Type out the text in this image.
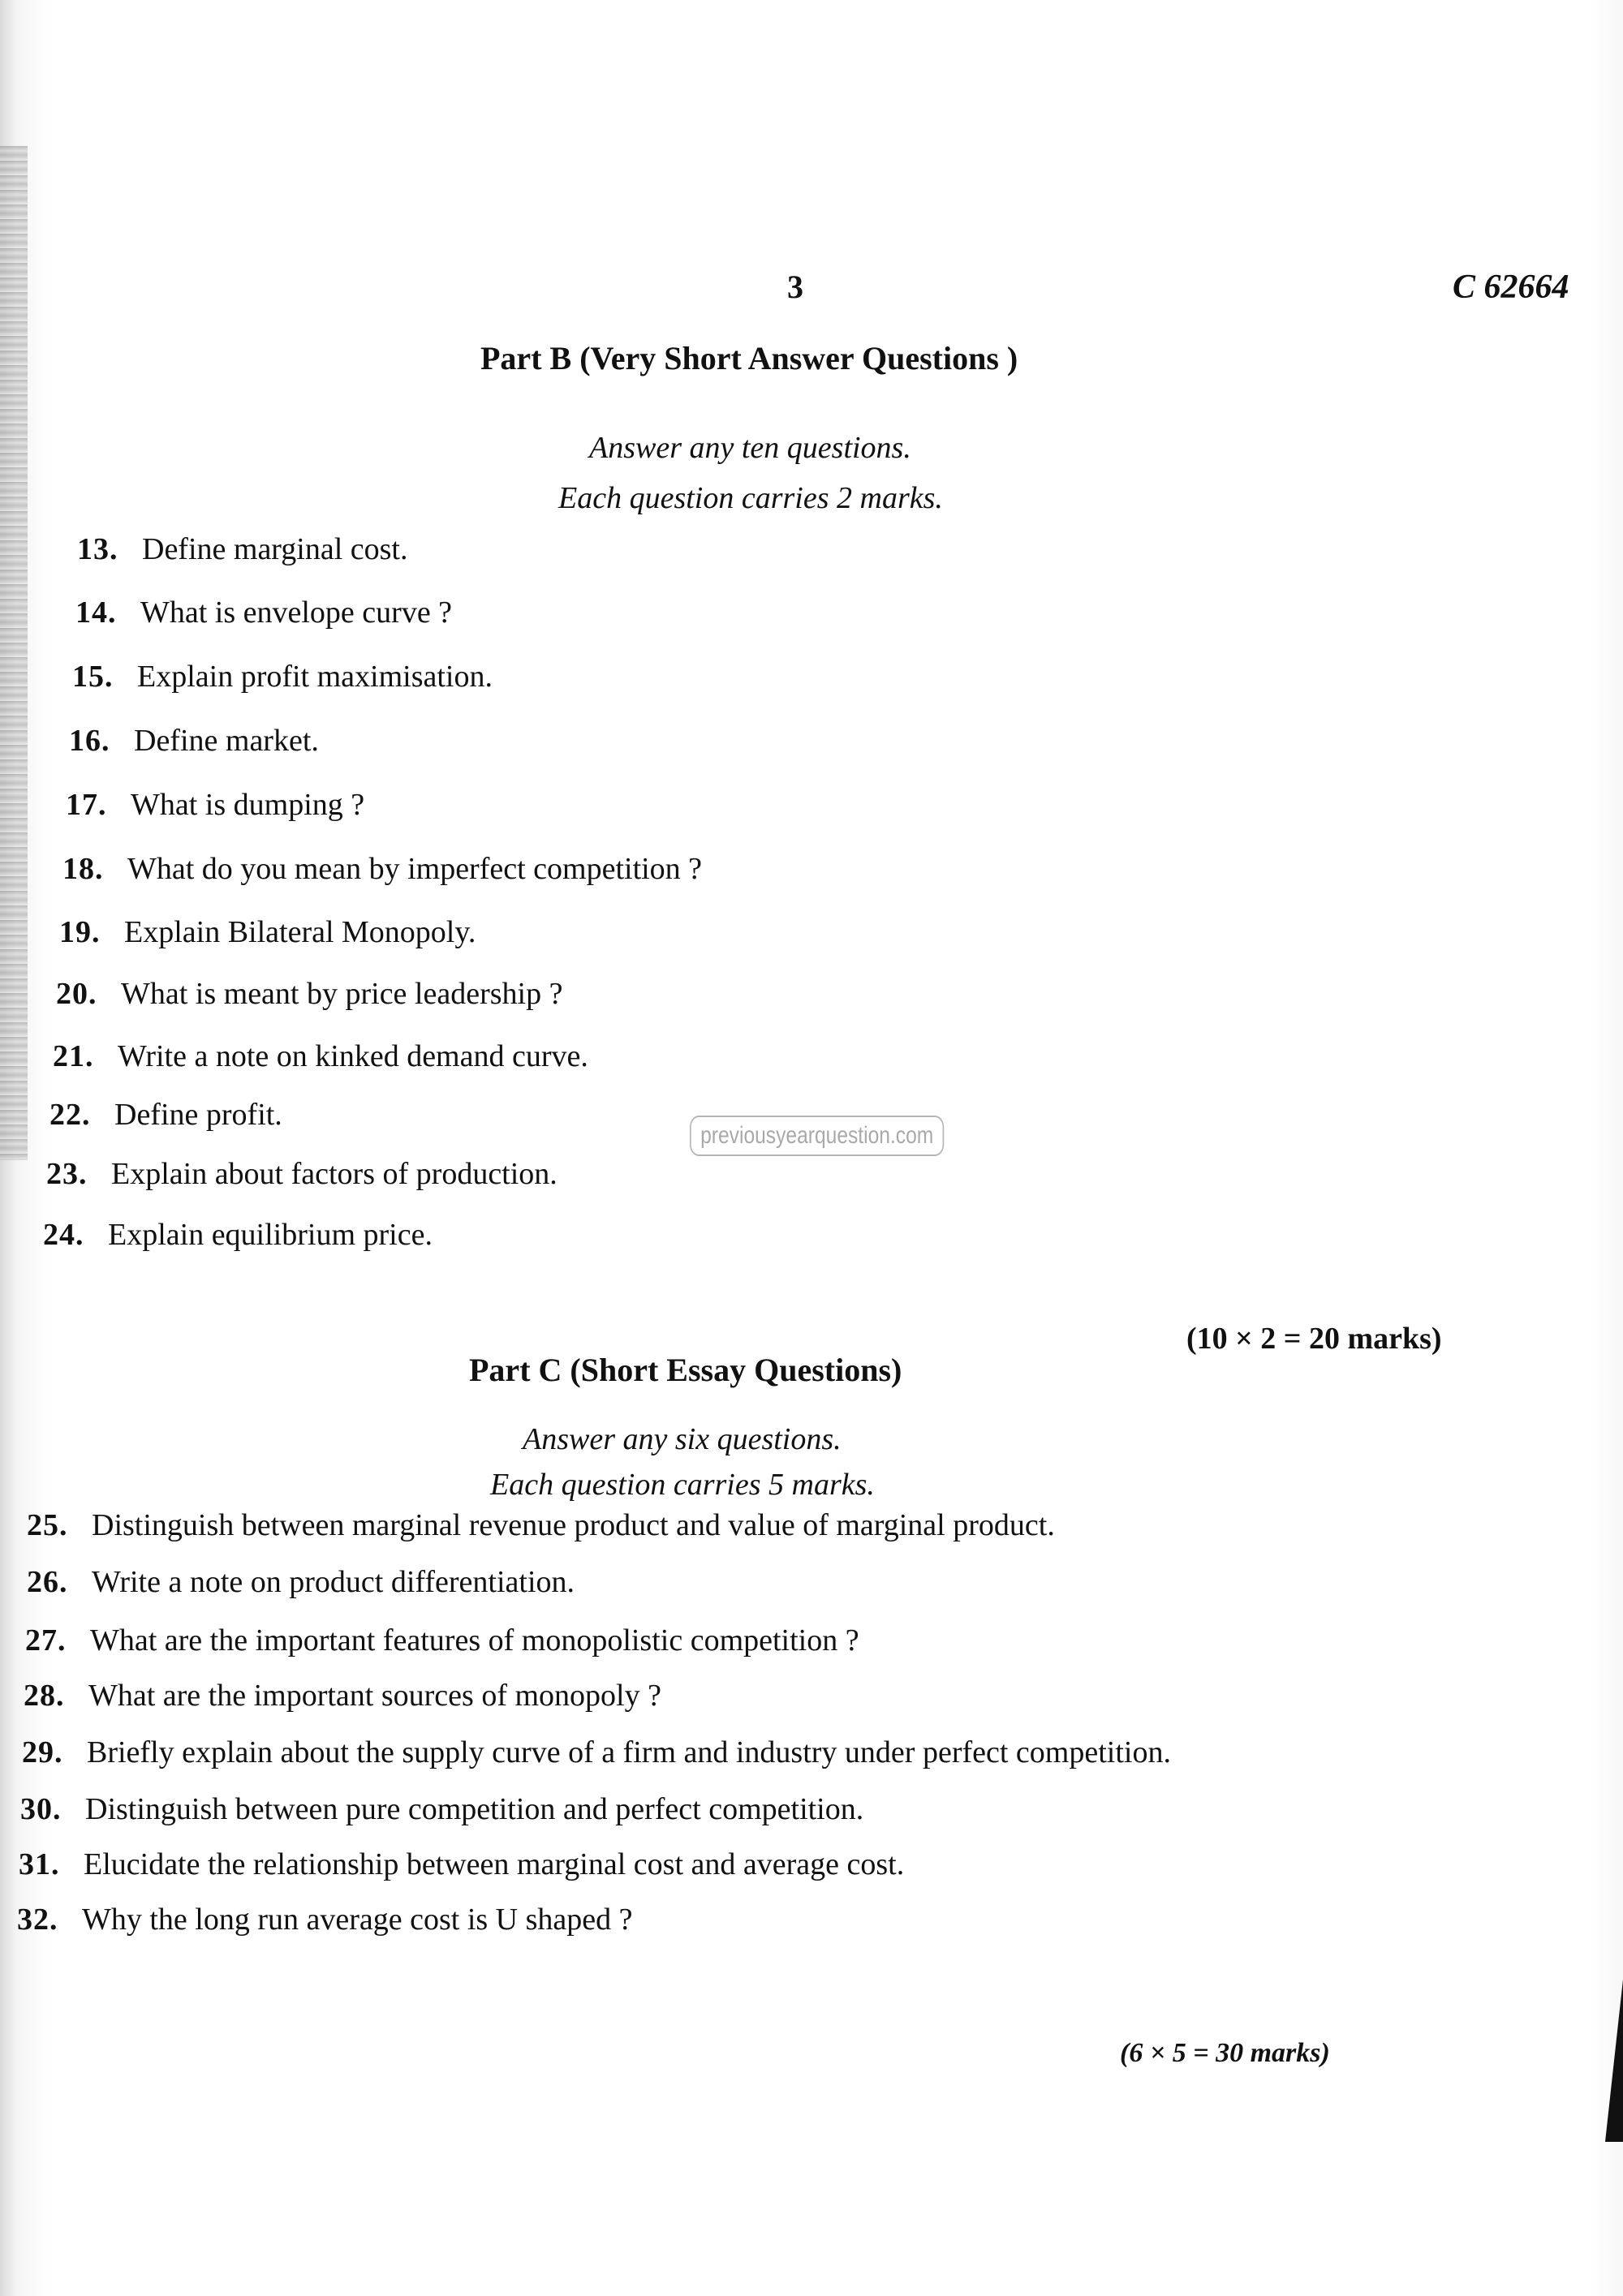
3	C 62664
Part B (Very Short Answer Questions )
Answer any ten questions.
Each question carries 2 marks.
13. Define marginal cost.
14. What is envelope curve ?
15. Explain profit maximisation.
16. Define market.
17. What is dumping ?
18. What do you mean by imperfect competition ?
19. Explain Bilateral Monopoly.
20. What is meant by price leadership ?
21. Write a note on kinked demand curve.
22. Define profit.
23. Explain about factors of production.
24. Explain equilibrium price.
previousyearquestion.com
(10 × 2 = 20 marks)
Part C (Short Essay Questions)
Answer any six questions.
Each question carries 5 marks.
25. Distinguish between marginal revenue product and value of marginal product.
26. Write a note on product differentiation.
27. What are the important features of monopolistic competition ?
28. What are the important sources of monopoly ?
29. Briefly explain about the supply curve of a firm and industry under perfect competition.
30. Distinguish between pure competition and perfect competition.
31. Elucidate the relationship between marginal cost and average cost.
32. Why the long run average cost is U shaped ?
(6 × 5 = 30 marks)
